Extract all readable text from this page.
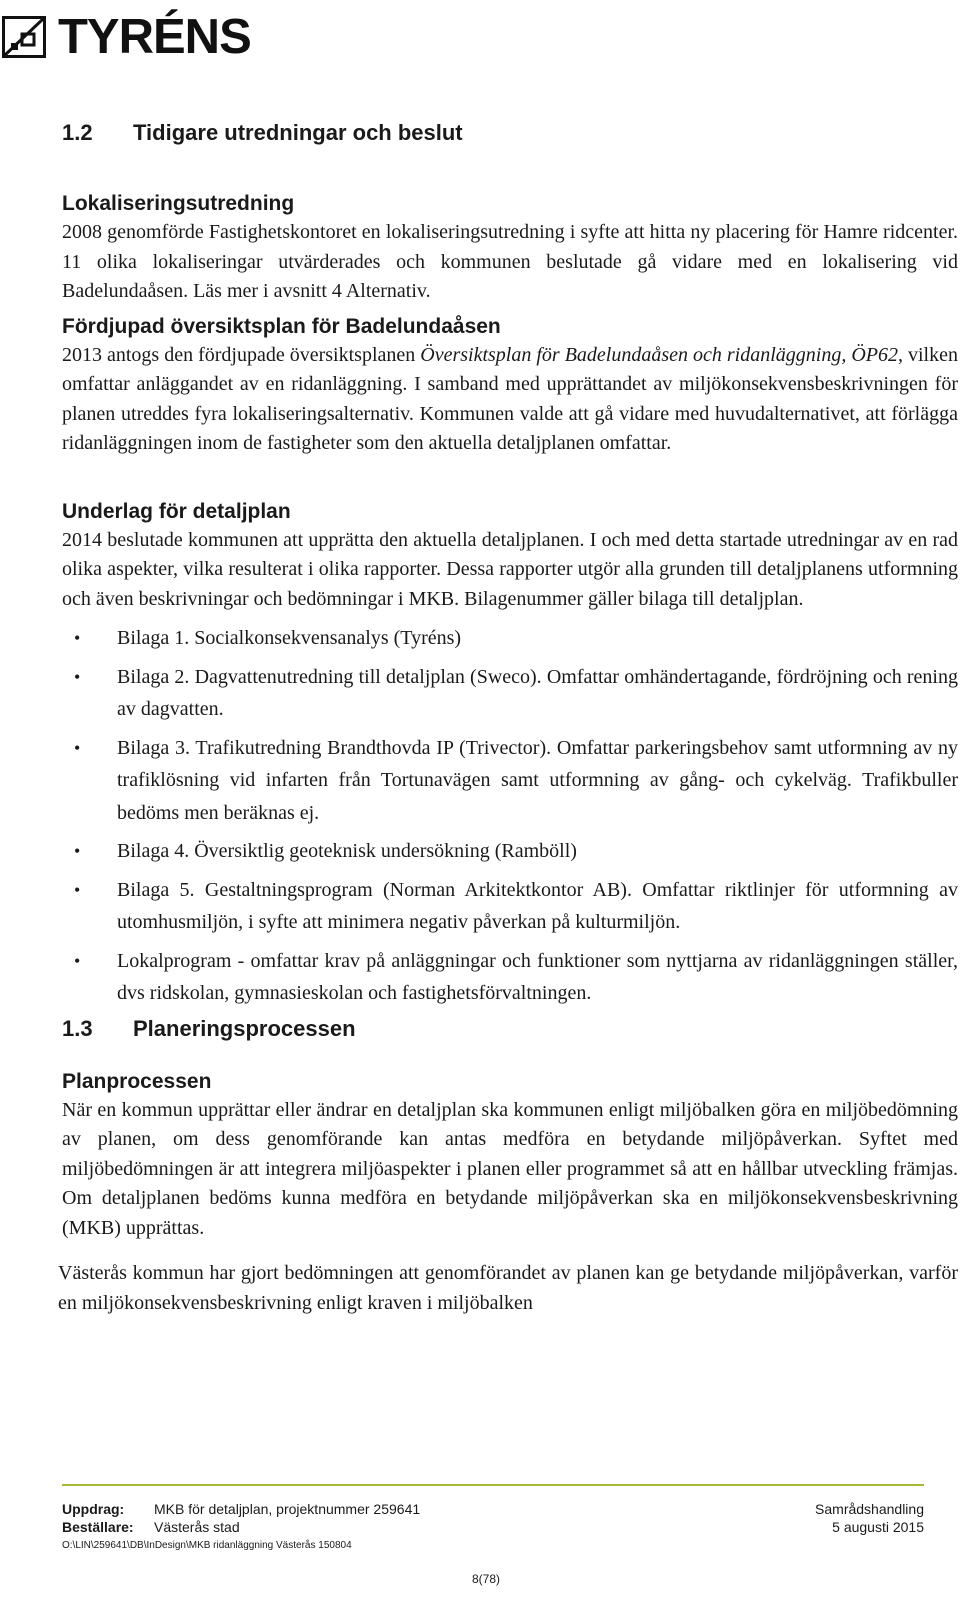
TYRÉNS
1.2 Tidigare utredningar och beslut
Lokaliseringsutredning

2008 genomförde Fastighetskontoret en lokaliseringsutredning i syfte att hitta ny placering för Hamre ridcenter. 11 olika lokaliseringar utvärderades och kommunen beslutade gå vidare med en lokalisering vid Badelundaåsen. Läs mer i avsnitt 4 Alternativ.

Fördjupad översiktsplan för Badelundaåsen

2013 antogs den fördjupade översiktsplanen Översiktsplan för Badelundaåsen och ridanläggning, ÖP62, vilken omfattar anläggandet av en ridanläggning. I samband med upprättandet av miljökonsekvensbeskrivningen för planen utreddes fyra lokaliseringsalternativ. Kommunen valde att gå vidare med huvudalternativet, att förlägga ridanläggningen inom de fastigheter som den aktuella detaljplanen omfattar.

Underlag för detaljplan

2014 beslutade kommunen att upprätta den aktuella detaljplanen. I och med detta startade utredningar av en rad olika aspekter, vilka resulterat i olika rapporter. Dessa rapporter utgör alla grunden till detaljplanens utformning och även beskrivningar och bedömningar i MKB. Bilagenummer gäller bilaga till detaljplan.

• Bilaga 1. Socialkonsekvensanalys (Tyréns)
• Bilaga 2. Dagvattenutredning till detaljplan (Sweco). Omfattar omhändertagande, fördröjning och rening av dagvatten.
• Bilaga 3. Trafikutredning Brandthovda IP (Trivector). Omfattar parkeringsbehov samt utformning av ny trafiklösning vid infarten från Tortunavägen samt utformning av gång- och cykelväg. Trafikbuller bedöms men beräknas ej.
• Bilaga 4. Översiktlig geoteknisk undersökning (Ramböll)
• Bilaga 5. Gestaltningsprogram (Norman Arkitektkontor AB). Omfattar riktlinjer för utformning av utomhusmiljön, i syfte att minimera negativ påverkan på kulturmiljön.
• Lokalprogram - omfattar krav på anläggningar och funktioner som nyttjarna av ridanläggningen ställer, dvs ridskolan, gymnasieskolan och fastighetsförvaltningen.
1.3 Planeringsprocessen
Planprocessen

När en kommun upprättar eller ändrar en detaljplan ska kommunen enligt miljöbalken göra en miljöbedömning av planen, om dess genomförande kan antas medföra en betydande miljöpåverkan. Syftet med miljöbedömningen är att integrera miljöaspekter i planen eller programmet så att en hållbar utveckling främjas. Om detaljplanen bedöms kunna medföra en betydande miljöpåverkan ska en miljökonsekvensbeskrivning (MKB) upprättas.

Västerås kommun har gjort bedömningen att genomförandet av planen kan ge betydande miljöpåverkan, varför en miljökonsekvensbeskrivning enligt kraven i miljöbalken

Uppdrag:	MKB för detaljplan, projektnummer 259641	Samrådshandling
Beställare:	Västerås stad	5 augusti 2015
O:\LIN\259641\DB\InDesign\MKB ridanläggning Västerås 150804
8(78)
